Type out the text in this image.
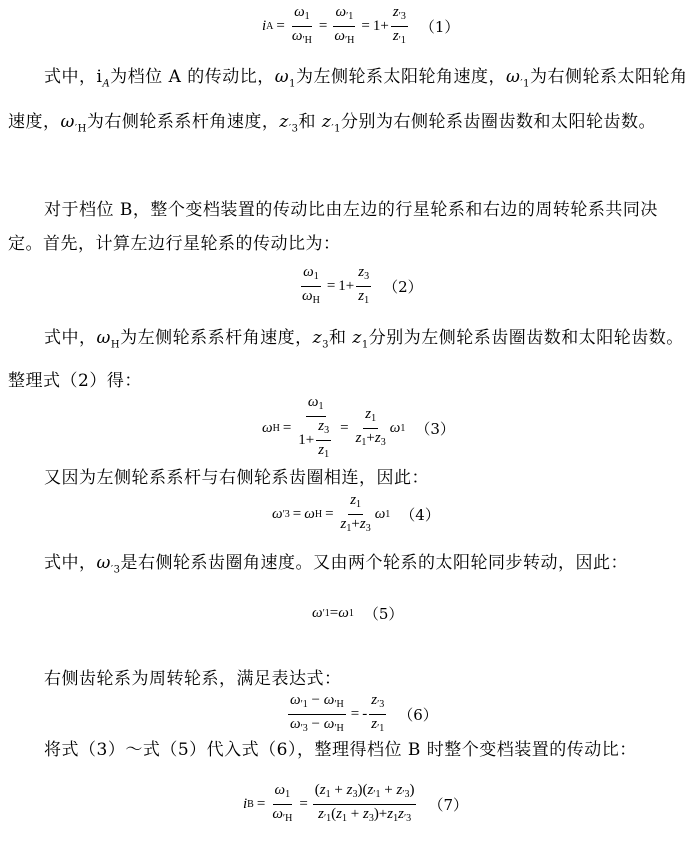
i $A = \frac{\omega_1}{\omega_{'H}} = \frac{\omega_{'1}}{\omega_{'H}} = 1+ \frac{z_{'3}}{z_{'1}} (1)$
式中，$i_A$为档位 A 的传动比，$\omega_1$为左侧轮系太阳轮角速度，$\omega_{'1}$为右侧轮系太阳轮角速度，$\omega_{'H}$为右侧轮系系杆角速度，$z_{'3}$和 $z_{'1}$分别为右侧轮系齿圈齿数和太阳轮齿数。
对于档位 B，整个变档装置的传动比由左边的行星轮系和右边的周转轮系共同决定。首先，计算左边行星轮系的传动比为：
$\frac{\omega_1}{\omega_H} = 1+ \frac{z_3}{z_1} (2)$
式中，$\omega_H$为左侧轮系系杆角速度，$z_3$和 $z_1$分别为左侧轮系齿圈齿数和太阳轮齿数。整理式（2）得：
ω $H = \frac{\omega_1}{1+ \frac{z_3}{z_1}} = \frac{z_1}{z_1+z_3}$ ω 1 （3）
又因为左侧轮系系杆与右侧轮系齿圈相连，因此：
ω ′3 = ω $H = \frac{z_1}{z_1+z_3}$ ω 1 （4）
式中，$\omega_{'3}$是右侧轮系齿圈角速度。又由两个轮系的太阳轮同步转动，因此：
ω ′1 = ω 1 （5）
右侧齿轮系为周转轮系，满足表达式：
$\frac{\omega_{'1} - \omega_{'H}}{\omega_{'3} - \omega_{'H}}$ = - $\frac{z_{'3}}{z_{'1}} (6)$
将式（3）～式（5）代入式（6），整理得档位 B 时整个变档装置的传动比：
i $B = \frac{\omega_1}{\omega_{'H}} = \frac{(z_1 + z_3)(z_{'1} + z_{'3})}{z_{'1}(z_1 + z_3)+z_1z_{'3}} (7)$
